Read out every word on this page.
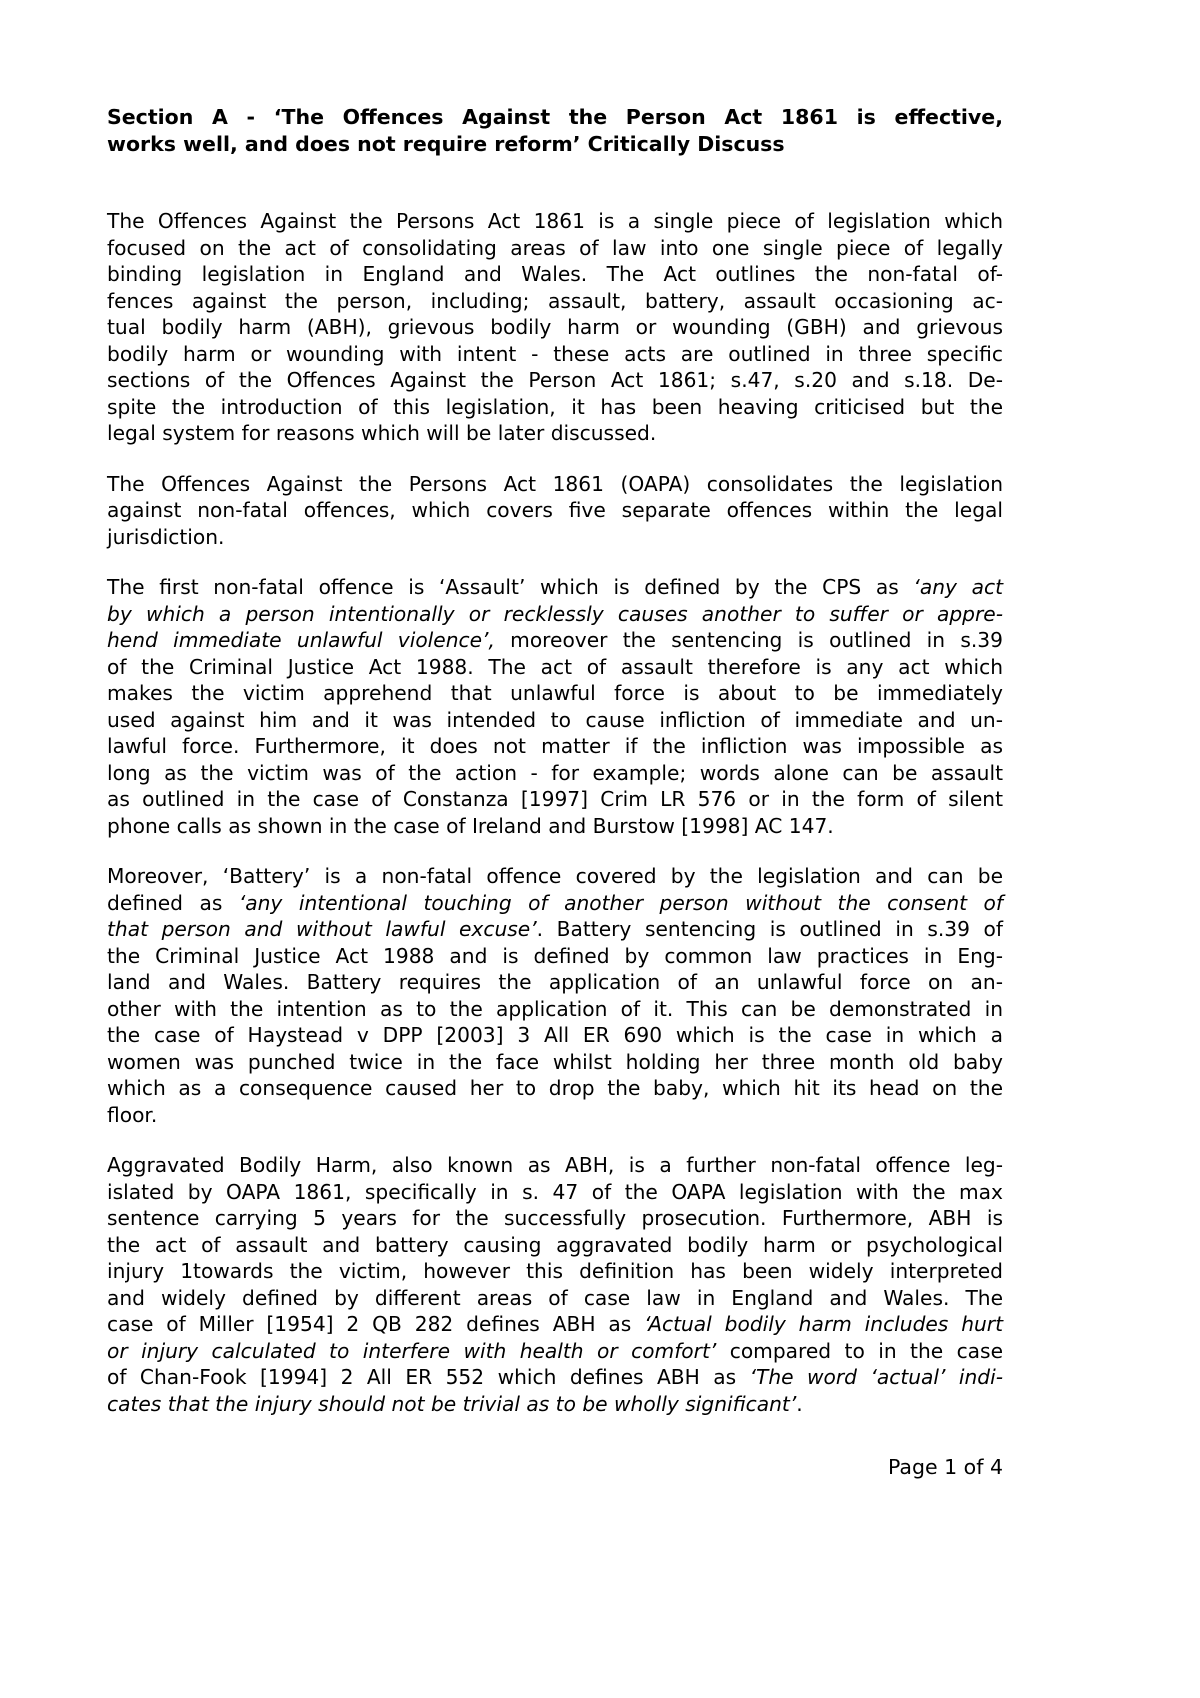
Section A - ‘The Offences Against the Person Act 1861 is effective,
works well, and does not require reform’ Critically Discuss
The Offences Against the Persons Act 1861 is a single piece of legislation which
focused on the act of consolidating areas of law into one single piece of legally
binding legislation in England and Wales. The Act outlines the non-fatal of-
fences against the person, including; assault, battery, assault occasioning ac-
tual bodily harm (ABH), grievous bodily harm or wounding (GBH) and grievous
bodily harm or wounding with intent - these acts are outlined in three specific
sections of the Offences Against the Person Act 1861; s.47, s.20 and s.18. De-
spite the introduction of this legislation, it has been heaving criticised but the
legal system for reasons which will be later discussed.
The Offences Against the Persons Act 1861 (OAPA) consolidates the legislation
against non-fatal offences, which covers five separate offences within the legal
jurisdiction.
The first non-fatal offence is ‘Assault’ which is defined by the CPS as ‘any act
by which a person intentionally or recklessly causes another to suffer or appre-
hend immediate unlawful violence’, moreover the sentencing is outlined in s.39
of the Criminal Justice Act 1988. The act of assault therefore is any act which
makes the victim apprehend that unlawful force is about to be immediately
used against him and it was intended to cause infliction of immediate and un-
lawful force. Furthermore, it does not matter if the infliction was impossible as
long as the victim was of the action - for example; words alone can be assault
as outlined in the case of Constanza [1997] Crim LR 576 or in the form of silent
phone calls as shown in the case of Ireland and Burstow [1998] AC 147.
Moreover, ‘Battery’ is a non-fatal offence covered by the legislation and can be
defined as ‘any intentional touching of another person without the consent of
that person and without lawful excuse’. Battery sentencing is outlined in s.39 of
the Criminal Justice Act 1988 and is defined by common law practices in Eng-
land and Wales. Battery requires the application of an unlawful force on an-
other with the intention as to the application of it. This can be demonstrated in
the case of Haystead v DPP [2003] 3 All ER 690 which is the case in which a
women was punched twice in the face whilst holding her three month old baby
which as a consequence caused her to drop the baby, which hit its head on the
floor.
Aggravated Bodily Harm, also known as ABH, is a further non-fatal offence leg-
islated by OAPA 1861, specifically in s. 47 of the OAPA legislation with the max
sentence carrying 5 years for the successfully prosecution. Furthermore, ABH is
the act of assault and battery causing aggravated bodily harm or psychological
injury 1towards the victim, however this definition has been widely interpreted
and widely defined by different areas of case law in England and Wales. The
case of Miller [1954] 2 QB 282 defines ABH as ‘Actual bodily harm includes hurt
or injury calculated to interfere with health or comfort’ compared to in the case
of Chan-Fook [1994] 2 All ER 552 which defines ABH as ‘The word ‘actual’ indi-
cates that the injury should not be trivial as to be wholly significant’.
Page 1 of 4
